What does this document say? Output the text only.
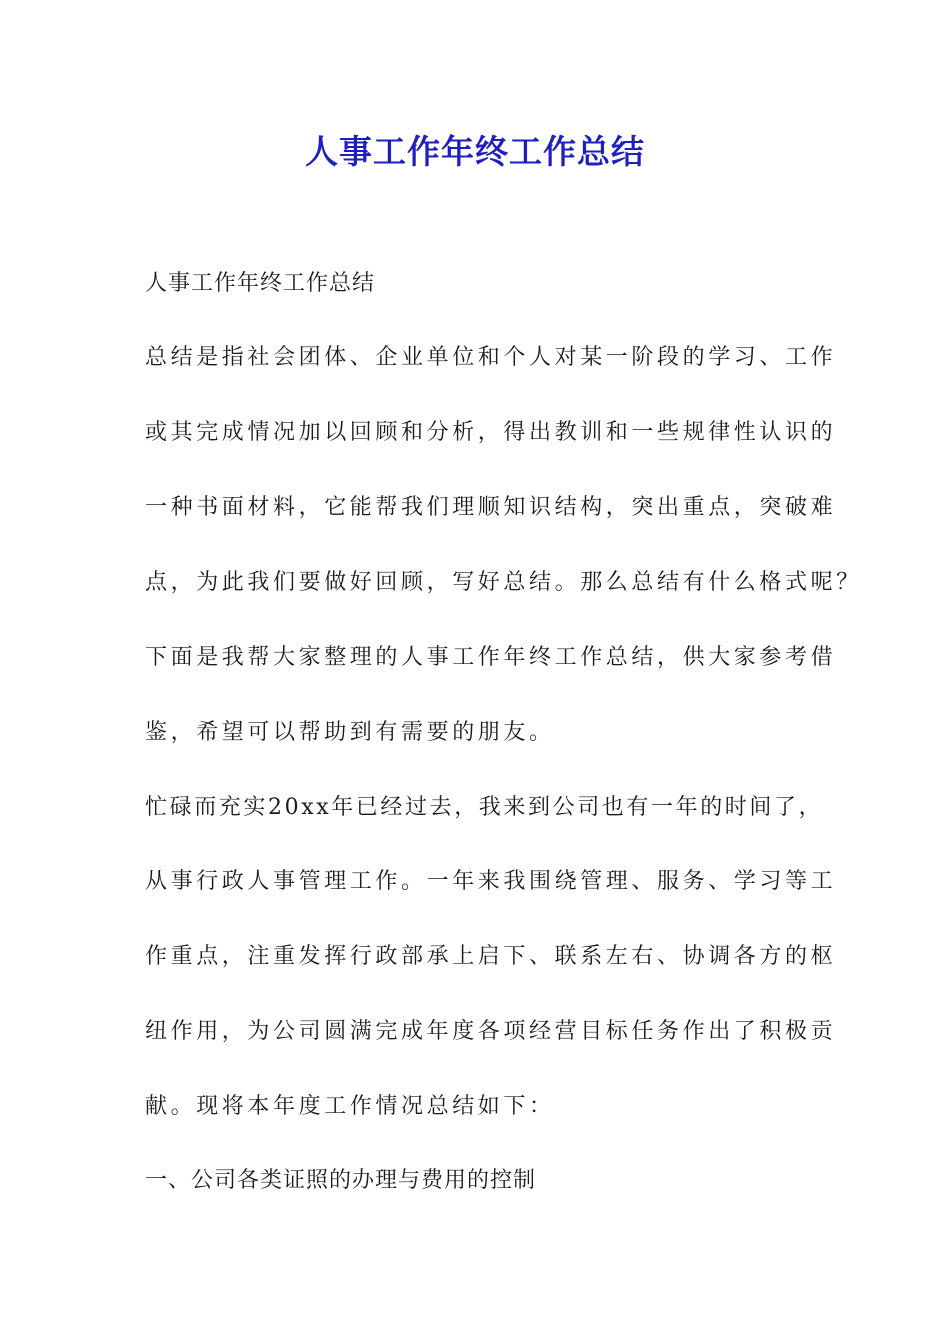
人事工作年终工作总结

人事工作年终工作总结

总结是指社会团体、企业单位和个人对某一阶段的学习、工作

或其完成情况加以回顾和分析，得出教训和一些规律性认识的

一种书面材料，它能帮我们理顺知识结构，突出重点，突破难

点，为此我们要做好回顾，写好总结。那么总结有什么格式呢？

下面是我帮大家整理的人事工作年终工作总结，供大家参考借

鉴，希望可以帮助到有需要的朋友。

忙碌而充实20xx年已经过去，我来到公司也有一年的时间了，

从事行政人事管理工作。一年来我围绕管理、服务、学习等工

作重点，注重发挥行政部承上启下、联系左右、协调各方的枢

纽作用，为公司圆满完成年度各项经营目标任务作出了积极贡

献。现将本年度工作情况总结如下：

一、公司各类证照的办理与费用的控制
